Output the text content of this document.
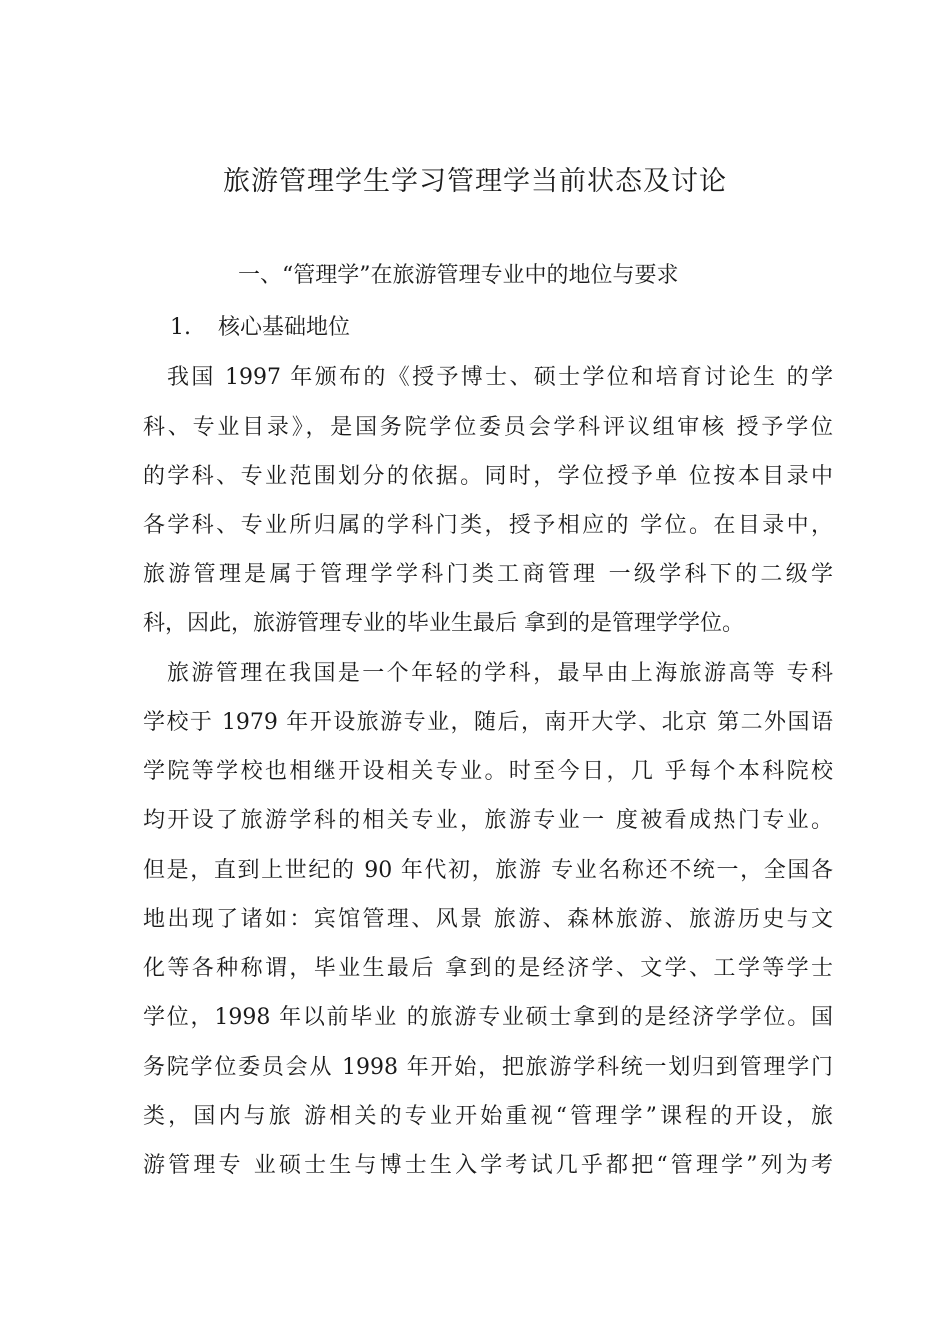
旅游管理学生学习管理学当前状态及讨论
一、“管理学”在旅游管理专业中的地位与要求
1. 核心基础地位
我国 1997 年颁布的《授予博士、硕士学位和培育讨论生 的学
科、专业目录》，是国务院学位委员会学科评议组审核 授予学位
的学科、专业范围划分的依据。同时，学位授予单 位按本目录中
各学科、专业所归属的学科门类，授予相应的 学位。在目录中，
旅游管理是属于管理学学科门类工商管理 一级学科下的二级学
科，因此，旅游管理专业的毕业生最后 拿到的是管理学学位。
旅游管理在我国是一个年轻的学科，最早由上海旅游高等 专科
学校于 1979 年开设旅游专业，随后，南开大学、北京 第二外国语
学院等学校也相继开设相关专业。时至今日，几 乎每个本科院校
均开设了旅游学科的相关专业，旅游专业一 度被看成热门专业。
但是，直到上世纪的 90 年代初，旅游 专业名称还不统一，全国各
地出现了诸如：宾馆管理、风景 旅游、森林旅游、旅游历史与文
化等各种称谓，毕业生最后 拿到的是经济学、文学、工学等学士
学位，1998 年以前毕业 的旅游专业硕士拿到的是经济学学位。国
务院学位委员会从 1998 年开始，把旅游学科统一划归到管理学门
类，国内与旅 游相关的专业开始重视“管理学”课程的开设，旅
游管理专 业硕士生与博士生入学考试几乎都把“管理学”列为考
